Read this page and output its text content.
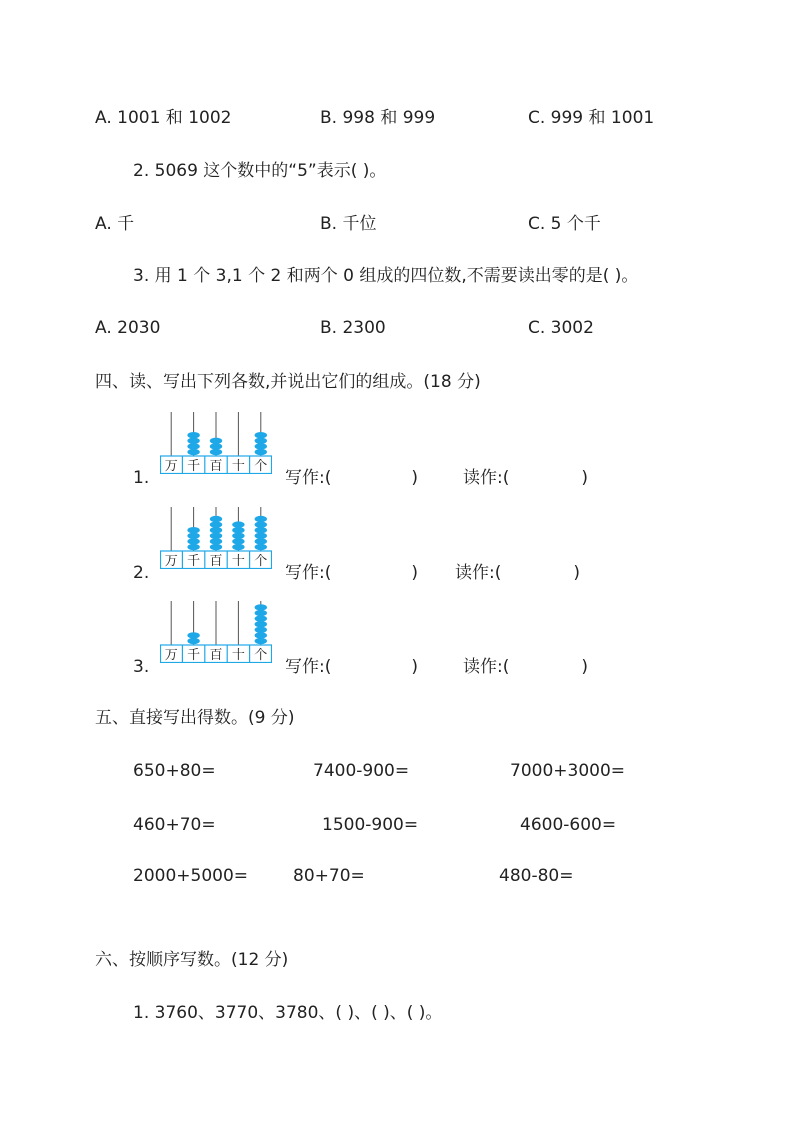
A. 1001 和 1002	B. 998 和 999	C. 999 和 1001
2. 5069 这个数中的“5”表示( )。
A. 千	B. 千位	C. 5 个千
3. 用 1 个 3,1 个 2 和两个 0 组成的四位数,不需要读出零的是( )。
A. 2030	B. 2300	C. 3002
四、读、写出下列各数,并说出它们的组成。(18 分)
1.
万 千 百 十 个
写作:(	)	读作:(	)
2.
万 千 百 十 个
写作:(	) 读作:(	)
3.
万 千 百 十 个
写作:(	)	读作:(	)
五、直接写出得数。(9 分)
650+80=	7400-900=	7000+3000=
460+70=	1500-900=	4600-600=
2000+5000=	80+70=	480-80=
六、按顺序写数。(12 分)
1. 3760、3770、3780、( )、( )、( )。
